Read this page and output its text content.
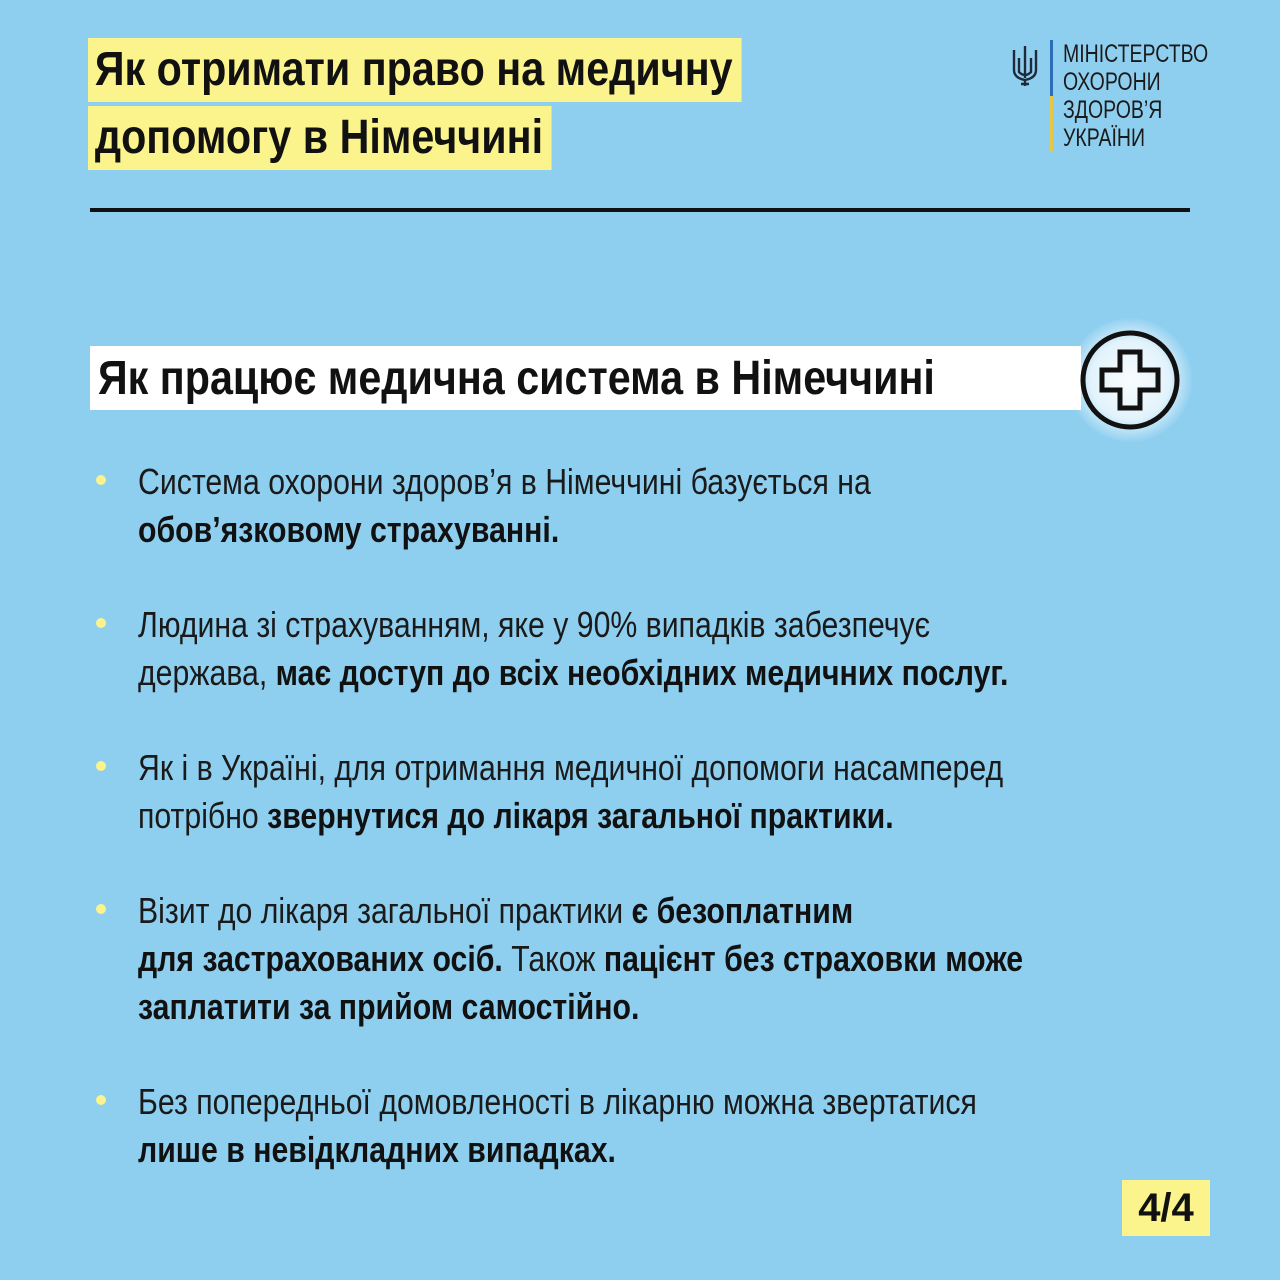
Як отримати право на медичну
допомогу в Німеччині
МІНІСТЕРСТВО
ОХОРОНИ
ЗДОРОВ’Я
УКРАЇНИ
Як працює медична система в Німеччині
Система охорони здоров’я в Німеччині базується на
обов’язковому страхуванні.
Людина зі страхуванням, яке у 90% випадків забезпечує
держава, має доступ до всіх необхідних медичних послуг.
Як і в Україні, для отримання медичної допомоги насамперед
потрібно звернутися до лікаря загальної практики.
Візит до лікаря загальної практики є безоплатним
для застрахованих осіб. Також пацієнт без страховки може
заплатити за прийом самостійно.
Без попередньої домовленості в лікарню можна звертатися
лише в невідкладних випадках.
4/4
